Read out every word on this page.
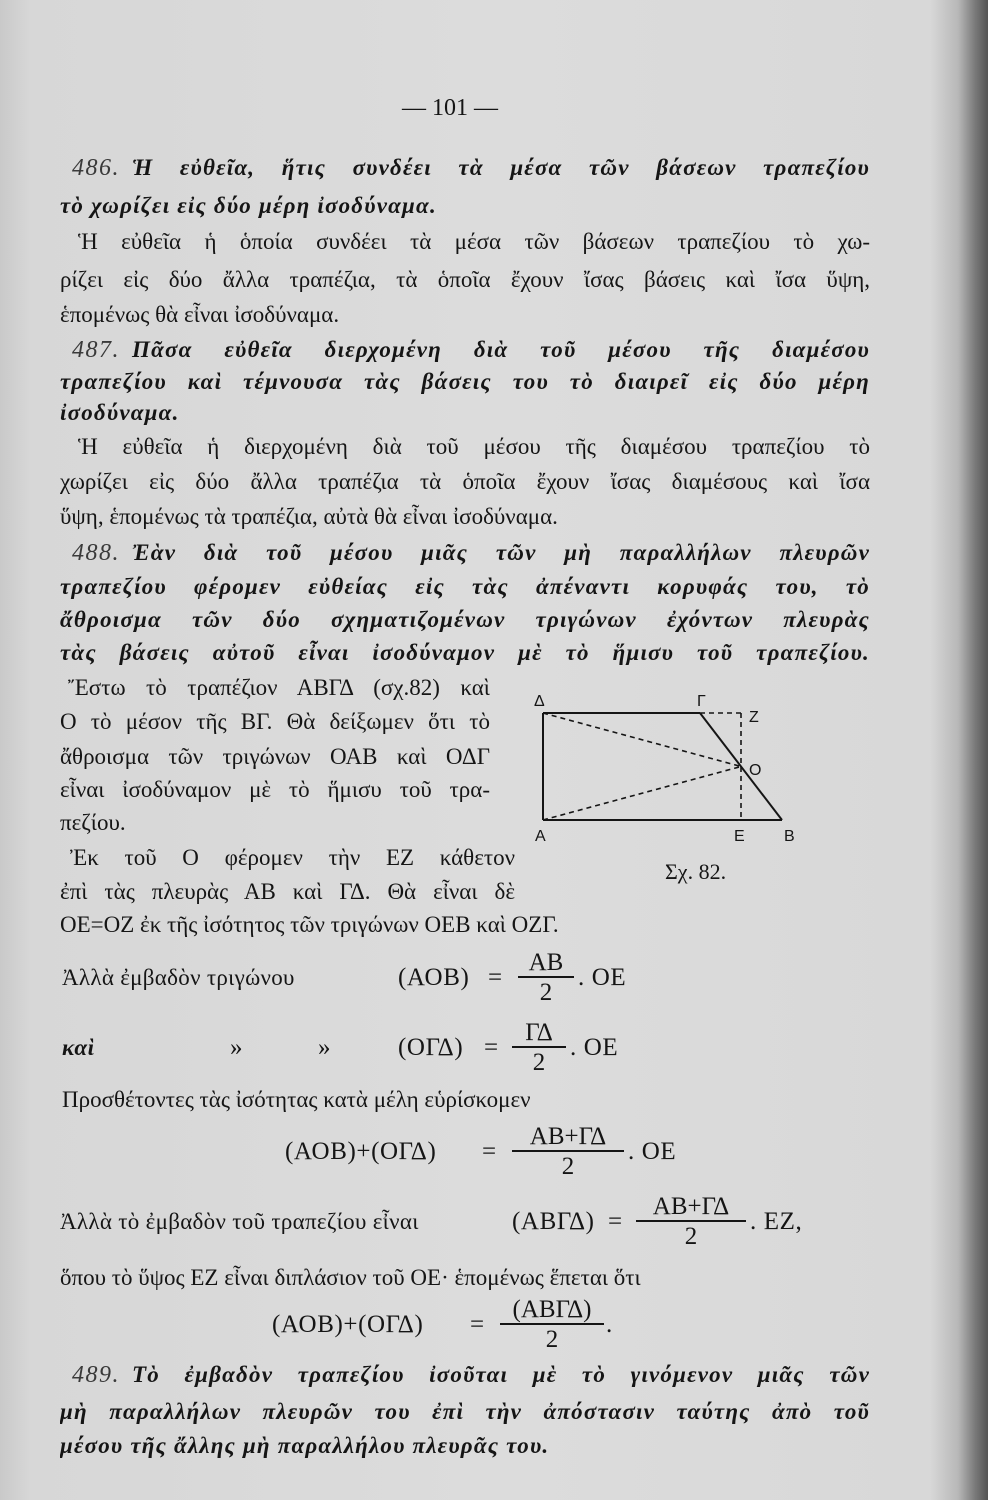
— 101 —
486. Ἡ εὐθεῖα, ἥτις συνδέει τὰ μέσα τῶν βάσεων τραπεζίου
τὸ χωρίζει εἰς δύο μέρη ἰσοδύναμα.
Ἡ εὐθεῖα ἡ ὁποία συνδέει τὰ μέσα τῶν βάσεων τραπεζίου τὸ χω-
ρίζει εἰς δύο ἄλλα τραπέζια, τὰ ὁποῖα ἔχουν ἴσας βάσεις καὶ ἴσα ὕψη,
ἑπομένως θὰ εἶναι ἰσοδύναμα.
487. Πᾶσα εὐθεῖα διερχομένη διὰ τοῦ μέσου τῆς διαμέσου
τραπεζίου καὶ τέμνουσα τὰς βάσεις του τὸ διαιρεῖ εἰς δύο μέρη
ἰσοδύναμα.
Ἡ εὐθεῖα ἡ διερχομένη διὰ τοῦ μέσου τῆς διαμέσου τραπεζίου τὸ
χωρίζει εἰς δύο ἄλλα τραπέζια τὰ ὁποῖα ἔχουν ἴσας διαμέσους καὶ ἴσα
ὕψη, ἑπομένως τὰ τραπέζια, αὐτὰ θὰ εἶναι ἰσοδύναμα.
488. Ἐὰν διὰ τοῦ μέσου μιᾶς τῶν μὴ παραλλήλων πλευρῶν
τραπεζίου φέρομεν εὐθείας εἰς τὰς ἀπέναντι κορυφάς του, τὸ
ἄθροισμα τῶν δύο σχηματιζομένων τριγώνων ἐχόντων πλευρὰς
τὰς βάσεις αὐτοῦ εἶναι ἰσοδύναμον μὲ τὸ ἥμισυ τοῦ τραπεζίου.
Ἔστω τὸ τραπέζιον ΑΒΓΔ (σχ.82) καὶ
Ο τὸ μέσον τῆς ΒΓ. Θὰ δείξωμεν ὅτι τὸ
ἄθροισμα τῶν τριγώνων ΟΑΒ καὶ ΟΔΓ
εἶναι ἰσοδύναμον μὲ τὸ ἥμισυ τοῦ τρα-
πεζίου.
Ἐκ τοῦ Ο φέρομεν τὴν ΕΖ κάθετον
ἐπὶ τὰς πλευρὰς ΑΒ καὶ ΓΔ. Θὰ εἶναι δὲ
ΟΕ=ΟΖ ἐκ τῆς ἰσότητος τῶν τριγώνων ΟΕΒ καὶ ΟΖΓ.
Δ	Γ
Ζ
Ο
Α	Ε Β
Σχ. 82.
Ἀλλὰ ἐμβαδὸν τριγώνου	$(AOB) = \frac{AB}{2}$ . ΟΕ
καὶ	»	»	$(O\Gamma\Delta) = \frac{\Gamma\Delta}{2}$ . ΟΕ
Προσθέτοντες τὰς ἰσότητας κατὰ μέλη εὑρίσκομεν
$(AOB)+(O\Gamma\Delta) = \frac{AB+\Gamma\Delta}{2}$ . ΟΕ
Ἀλλὰ τὸ ἐμβαδὸν τοῦ τραπεζίου εἶναι	$(AB\Gamma\Delta) = \frac{AB+\Gamma\Delta}{2}$ . ΕΖ,
ὅπου τὸ ὕψος ΕΖ εἶναι διπλάσιον τοῦ ΟΕ· ἑπομένως ἕπεται ὅτι
(ΑΟΒ)+(ΟΓΔ) =
(ΑΒΓΔ)
2
.
489. Τὸ ἐμβαδὸν τραπεζίου ἰσοῦται μὲ τὸ γινόμενον μιᾶς τῶν
μὴ παραλλήλων πλευρῶν του ἐπὶ τὴν ἀπόστασιν ταύτης ἀπὸ τοῦ
μέσου τῆς ἄλλης μὴ παραλλήλου πλευρᾶς του.
